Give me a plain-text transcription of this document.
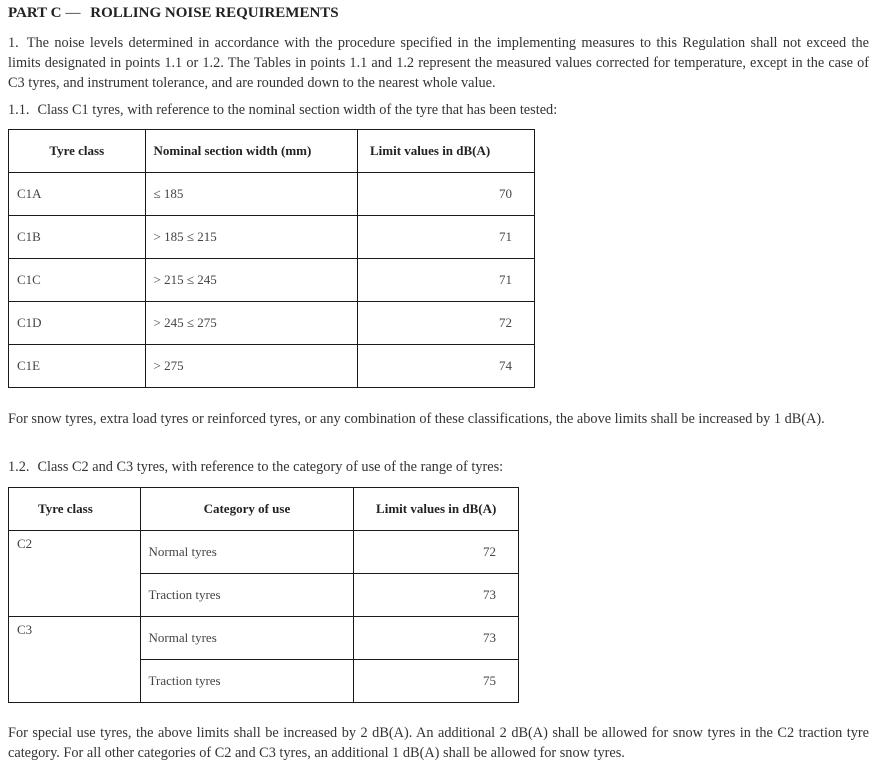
PART C — ROLLING NOISE REQUIREMENTS
1. The noise levels determined in accordance with the procedure specified in the implementing measures to this Regulation shall not exceed the limits designated in points 1.1 or 1.2. The Tables in points 1.1 and 1.2 represent the measured values corrected for temperature, except in the case of C3 tyres, and instrument tolerance, and are rounded down to the nearest whole value.
1.1. Class C1 tyres, with reference to the nominal section width of the tyre that has been tested:
Tyre class	Nominal section width (mm)	Limit values in dB(A)
C1A	≤ 185	70
C1B	> 185 ≤ 215	71
C1C	> 215 ≤ 245	71
C1D	> 245 ≤ 275	72
C1E	> 275	74
For snow tyres, extra load tyres or reinforced tyres, or any combination of these classifications, the above limits shall be increased by 1 dB(A).
1.2. Class C2 and C3 tyres, with reference to the category of use of the range of tyres:
Tyre class	Category of use	Limit values in dB(A)
C2	Normal tyres	72
	Traction tyres	73
C3	Normal tyres	73
	Traction tyres	75
For special use tyres, the above limits shall be increased by 2 dB(A). An additional 2 dB(A) shall be allowed for snow tyres in the C2 traction tyre category. For all other categories of C2 and C3 tyres, an additional 1 dB(A) shall be allowed for snow tyres.
